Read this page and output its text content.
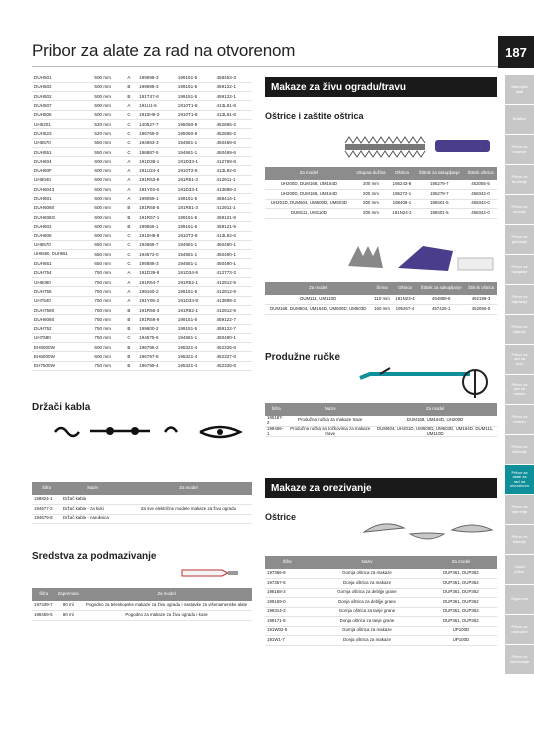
Pribor za alate za rad na otvorenom	187
Baterijski
alati
Bušilice
Pribor za
bušenje
Pribor za
brušenje
Pribor za
rezanje
Pribor za
glodanje
Pribor za
blanjanje
Pribor za
dlijetanje
Pribor za
piljenje
Pribor za
rad na
drvu
Pribor za
rad na
metalu
Pribor za
betonu
Pribor za
čišćenje
Pribor za
alate za
rad na
otvorenom
Pribor za
mjerenje
Pribor za
baterije
Ostali
pribor
Sigurnost
Pribor za
usisivače
Pribor za
održavanje
DUH501	500 mm	A	199698-3	199151-5	458453-3
DUH502	500 mm	B	199698-3	199151-5	459122-1
DUH502	500 mm	B	191T47-6	199151-5	459122-1
DUH507	500 mm	A	191U1-6	1910T1-8	413L91-8
DUH506	500 mm	C	1910H9-2	1910T1-8	413L91-8
UH5201	520 mm	C	140527-7	195050-9	452865-2
DUH523	520 mm	C	196769-9	195050-9	452865-2
UH5570	550 mm	C	194663-3	194681-1	450469-6
DUH551	550 mm	C	196887-5	194681-1	450469-6
DUH604	600 mm	A	191D38-1	191D33-1	412769-8
DUH60F	600 mm	A	191U24-4	1910T2-8	413L92-6
UH6040	600 mm	A	191R53-9	191R51-3	412911-1
DUH6043	600 mm	A	191Y03-6	191D33-1	413898-4
DUH601	600 mm	A	199059-1	199151-5	458414-1
DUH6060	600 mm	B	191R55-5	191R51-3	412911-1
DUH606G	600 mm	B	191R57-1	199151-5	459121-9
DUH602	600 mm	B	199556-1	199151-5	459121-9
DUH606	600 mm	C	1910H9-8	1910T2-8	413L92-6
UH6570	650 mm	C	194666-7	194681-1	450490-1
UH6580, DUH651	650 mm	C	194673-0	194681-1	450490-1
DUH651	650 mm	C	196888-3	194681-1	450490-1
DUH754	750 mm	A	191D39-9	191D34-9	412773-3
UH6060	750 mm	A	191R54-7	191R52-1	412912-9
DUH755	750 mm	A	199160-2	199151-5	412912-9
UH7540	750 mm	A	191Y05-2	191D34-9	413899-2
DUH7580	750 mm	B	191R56-3	191R52-1	412912-9
DUH6060	750 mm	B	191R58-9	199151-5	459122-7
DUH752	750 mm	B	199600-2	199151-5	459122-7
UH7580	750 mm	C	194675-6	194681-1	450490-1
EH6000W	600 mm	B	196795-2	195321-4	452326-8
EH6000W	600 mm	B	196797-8	195321-4	452327-8
EH7500W	750 mm	B	196799-4	195321-4	452326-8
Držači kabla
Šifra	Naziv	Za model
158824-1	Držač kabla	
194677-2	Držač kabla - za kuki	Za sve električne modele makaze za živu ogradu
194679-8	Držač kabla - narukvica	
Sredstva za podmazivanje
Šifra	Zapremina	Za model
197439-7	80 ml	Pogodno za teleskopske makaze za živu ogradu i nastavke za višenamenske alate
199459-5	80 ml	Pogodno za makaze za živu ogradu i kose
Makaze za živu ogradu/travu
Oštrice i zaštite oštrica
Za model	Ukupna dužina	Oštrica	Štitnik za sakupljanje	Štitnik oštrica
UH200D, DUM168, UM164D	200 mm	195243-8	195279-7	452055-5
UH200D, DUM168, UM164D	200 mm	195272-1	195279-7	458342-0
UH201D, DUM604, UM600D, UM603D	200 mm	198408-1	198401-5	458342-0
DUM111, UM110D	200 mm	191N24-2	198401-5	458342-0
Za model	Širina	Oštrica	Štitnik za sakupljanje	Štitnik oštrica
DUM111, UM110D	110 mm	191N23-4	454889-8	452198-3
DUM168, DUM604, UM164D, UM600D, UM603D	160 mm	195267-4	457426-1	452055-5
Produžne ručke
Šifra	Naziv	Za model
195187-2	Produžna ručka za makaze trave	DUM168, UM164D, UH200D
199466-1	Produžna ručka sa točkovima za makaze trave	DUM604, UH201D, UM600D, UM603D, UM164D, DUM111, UM110D
Makaze za orezivanje
Oštrice
Šifra	Naziv	Za model
197366-8	Gornja oštrica za makaze	DUP361, DUP362
197367-6	Donja oštrica za makaze	DUP361, DUP362
198168-3	Gornja oštrica za debljje grane	DUP361, DUP362
199169-0	Donja oštrica za debljje grane	DUP361, DUP362
199314-3	Gornja oštrica za tanje grane	DUP361, DUP362
199171-9	Donja oštrica za tanje grane	DUP361, DUP362
191W02-5	Gornja oštrica za makaze	UP100D
191W1-7	Donja oštrica za makaze	UP100D
